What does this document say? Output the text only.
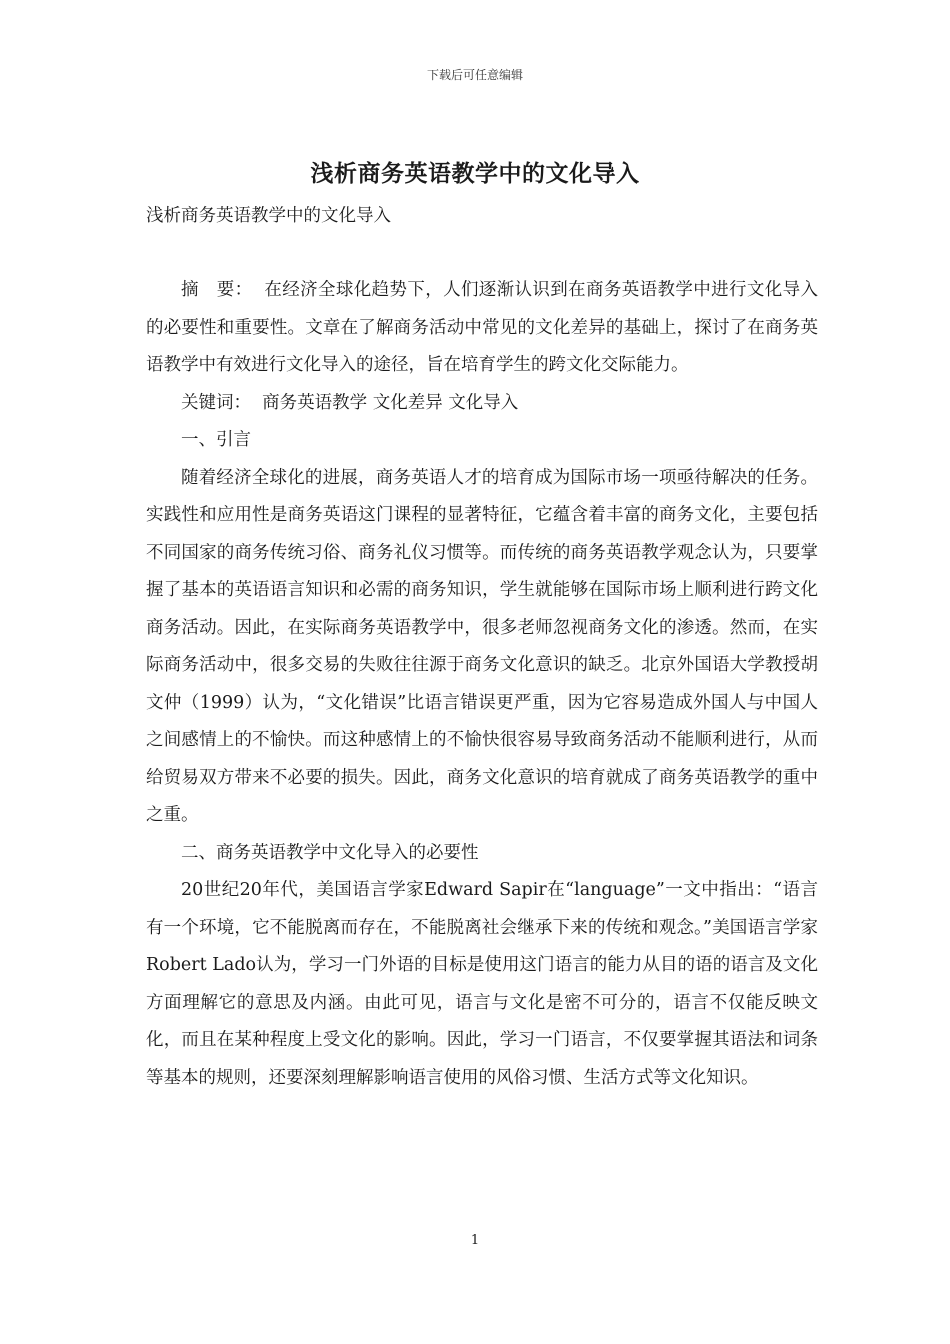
下载后可任意编辑
浅析商务英语教学中的文化导入
浅析商务英语教学中的文化导入

摘　要： 在经济全球化趋势下，人们逐渐认识到在商务英语教学中进行文化导入的必要性和重要性。文章在了解商务活动中常见的文化差异的基础上，探讨了在商务英语教学中有效进行文化导入的途径，旨在培育学生的跨文化交际能力。

关键词： 商务英语教学 文化差异 文化导入

一、引言

随着经济全球化的进展，商务英语人才的培育成为国际市场一项亟待解决的任务。实践性和应用性是商务英语这门课程的显著特征，它蕴含着丰富的商务文化，主要包括不同国家的商务传统习俗、商务礼仪习惯等。而传统的商务英语教学观念认为，只要掌握了基本的英语语言知识和必需的商务知识，学生就能够在国际市场上顺利进行跨文化商务活动。因此，在实际商务英语教学中，很多老师忽视商务文化的渗透。然而，在实际商务活动中，很多交易的失败往往源于商务文化意识的缺乏。北京外国语大学教授胡文仲（1999）认为，“文化错误”比语言错误更严重，因为它容易造成外国人与中国人之间感情上的不愉快。而这种感情上的不愉快很容易导致商务活动不能顺利进行，从而给贸易双方带来不必要的损失。因此，商务文化意识的培育就成了商务英语教学的重中之重。

二、商务英语教学中文化导入的必要性

20世纪20年代，美国语言学家Edward Sapir在“language”一文中指出：“语言有一个环境，它不能脱离而存在，不能脱离社会继承下来的传统和观念。”美国语言学家Robert Lado认为，学习一门外语的目标是使用这门语言的能力从目的语的语言及文化方面理解它的意思及内涵。由此可见，语言与文化是密不可分的，语言不仅能反映文化，而且在某种程度上受文化的影响。因此，学习一门语言，不仅要掌握其语法和词条等基本的规则，还要深刻理解影响语言使用的风俗习惯、生活方式等文化知识。

1
